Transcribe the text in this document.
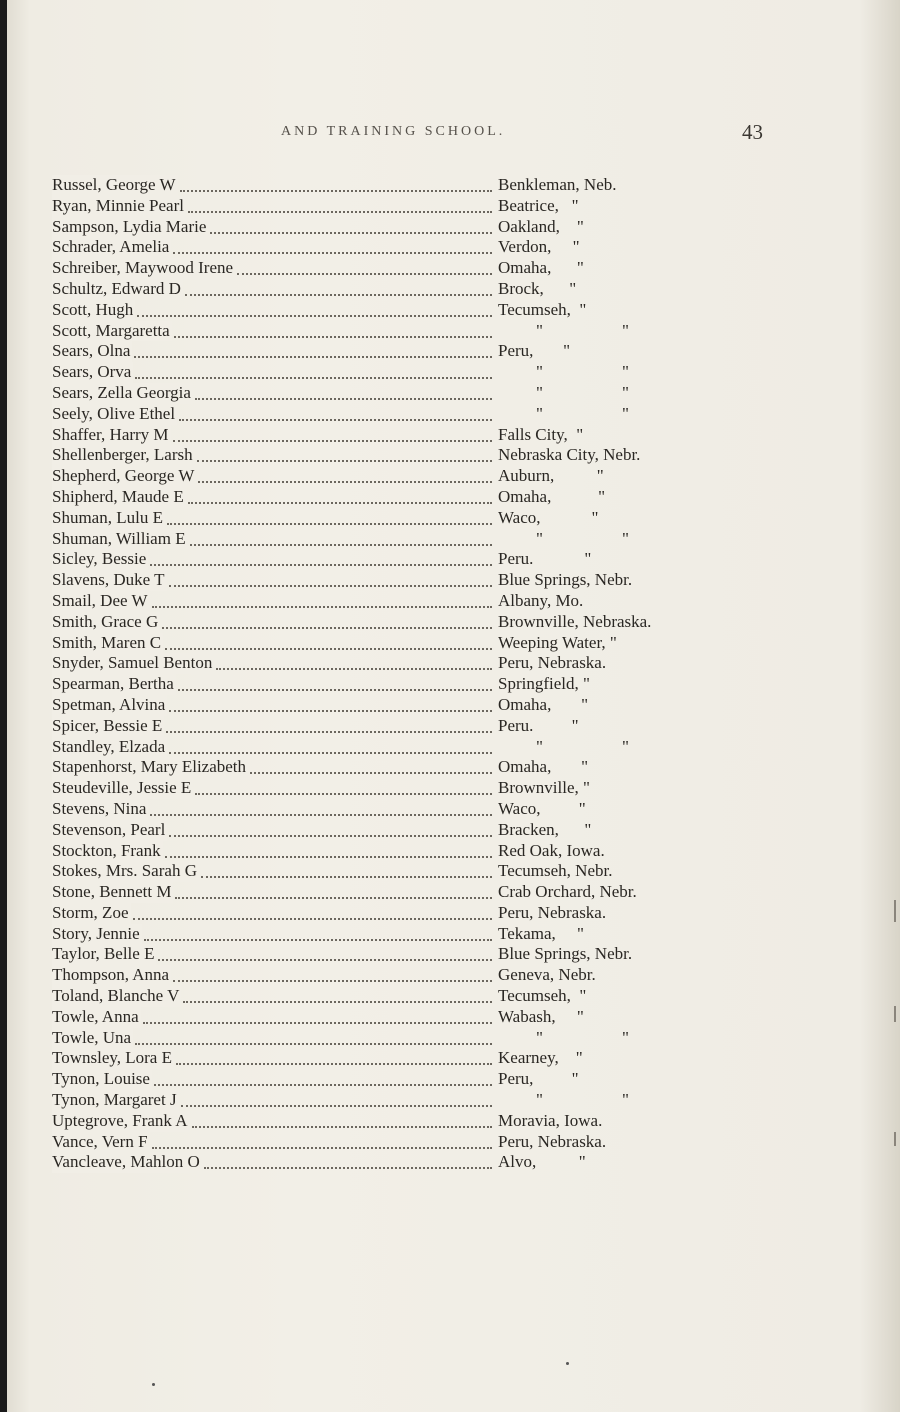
AND TRAINING SCHOOL.	43
Russel, George W	Benkleman, Neb.
Ryan, Minnie Pearl	Beatrice,   "
Sampson, Lydia Marie	Oakland,    "
Schrader, Amelia	Verdon,     "
Schreiber, Maywood Irene	Omaha,      "
Schultz, Edward D	Brock,      "
Scott, Hugh	Tecumseh,  "
Scott, Margaretta	"	"
Sears, Olna	Peru,       "
Sears, Orva	"	"
Sears, Zella Georgia	"	"
Seely, Olive Ethel	"	"
Shaffer, Harry M	Falls City,  "
Shellenberger, Larsh	Nebraska City, Nebr.
Shepherd, George W	Auburn,          "
Shipherd, Maude E	Omaha,           "
Shuman, Lulu E	Waco,            "
Shuman, William E	"	"
Sicley, Bessie	Peru.            "
Slavens, Duke T	Blue Springs, Nebr.
Smail, Dee W	Albany, Mo.
Smith, Grace G	Brownville, Nebraska.
Smith, Maren C	Weeping Water, "
Snyder, Samuel Benton	Peru, Nebraska.
Spearman, Bertha	Springfield, "
Spetman, Alvina	Omaha,       "
Spicer, Bessie E	Peru.         "
Standley, Elzada	"	"
Stapenhorst, Mary Elizabeth	Omaha,       "
Steudeville, Jessie E	Brownville, "
Stevens, Nina	Waco,         "
Stevenson, Pearl	Bracken,      "
Stockton, Frank	Red Oak, Iowa.
Stokes, Mrs. Sarah G	Tecumseh, Nebr.
Stone, Bennett M	Crab Orchard, Nebr.
Storm, Zoe	Peru, Nebraska.
Story, Jennie	Tekama,     "
Taylor, Belle E	Blue Springs, Nebr.
Thompson, Anna	Geneva, Nebr.
Toland, Blanche V	Tecumseh,  "
Towle, Anna	Wabash,     "
Towle, Una	"	"
Townsley, Lora E	Kearney,    "
Tynon, Louise	Peru,         "
Tynon, Margaret J	"	"
Uptegrove, Frank A	Moravia, Iowa.
Vance, Vern F	Peru, Nebraska.
Vancleave, Mahlon O	Alvo,          "
